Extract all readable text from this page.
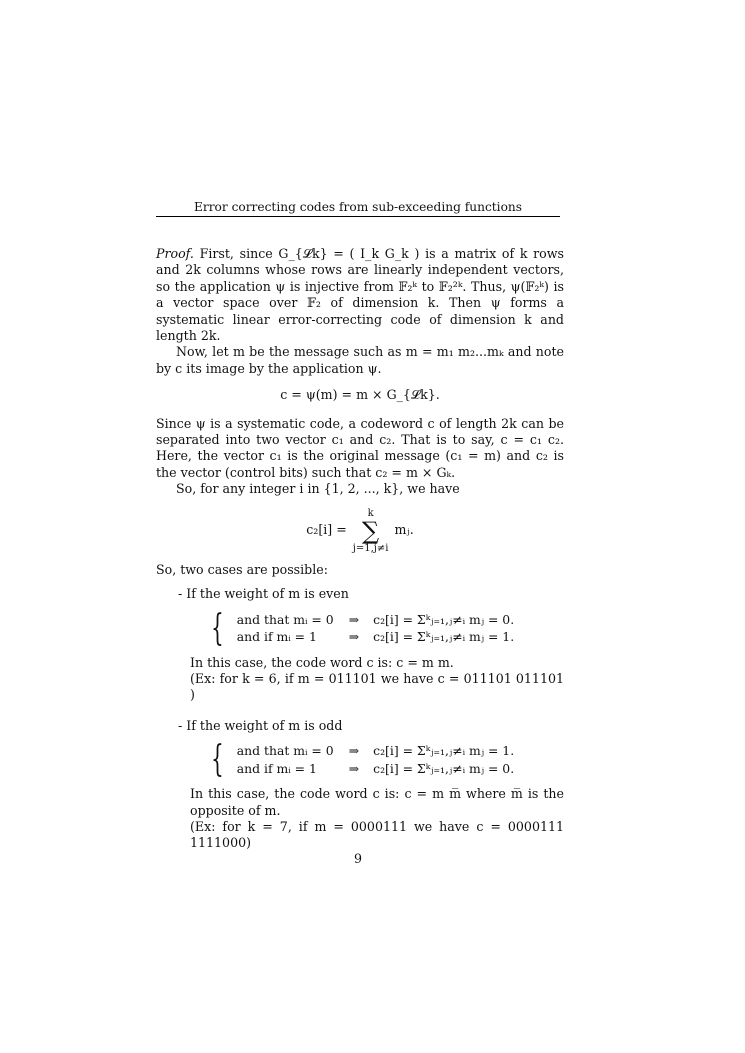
Error correcting codes from sub-exceeding functions

Proof. First, since G_{𝓛k} = ( I_k G_k ) is a matrix of k rows and 2k columns whose rows are linearly independent vectors, so the application ψ is injective from 𝔽₂ᵏ to 𝔽₂²ᵏ. Thus, ψ(𝔽₂ᵏ) is a vector space over 𝔽₂ of dimension k. Then ψ forms a systematic linear error-correcting code of dimension k and length 2k.

Now, let m be the message such as m = m₁ m₂...mₖ and note by c its image by the application ψ.

c = ψ(m) = m × G_{𝓛k}.

Since ψ is a systematic code, a codeword c of length 2k can be separated into two vector c₁ and c₂. That is to say, c = c₁ c₂. Here, the vector c₁ is the original message (c₁ = m) and c₂ is the vector (control bits) such that c₂ = m × Gₖ.

So, for any integer i in {1, 2, ..., k}, we have

c₂[i] =
k
∑
j=1,j≠i
mⱼ.

So, two cases are possible:

- If the weight of m is even
{ and that mᵢ = 0 ⇒ c₂[i] = Σᵏⱼ₌₁,ⱼ≠ᵢ mⱼ = 0.
and if mᵢ = 1	⇒ c₂[i] = Σᵏⱼ₌₁,ⱼ≠ᵢ mⱼ = 1.

In this case, the code word c is: c = m m.

(Ex: for k = 6, if m = 011101 we have c = 011101 011101 )

- If the weight of m is odd
{ and that mᵢ = 0 ⇒ c₂[i] = Σᵏⱼ₌₁,ⱼ≠ᵢ mⱼ = 1.
and if mᵢ = 1	⇒ c₂[i] = Σᵏⱼ₌₁,ⱼ≠ᵢ mⱼ = 0.

In this case, the code word c is: c = m m̅ where m̅ is the opposite of m.

(Ex: for k = 7, if m = 0000111 we have c = 0000111 1111000)

9
